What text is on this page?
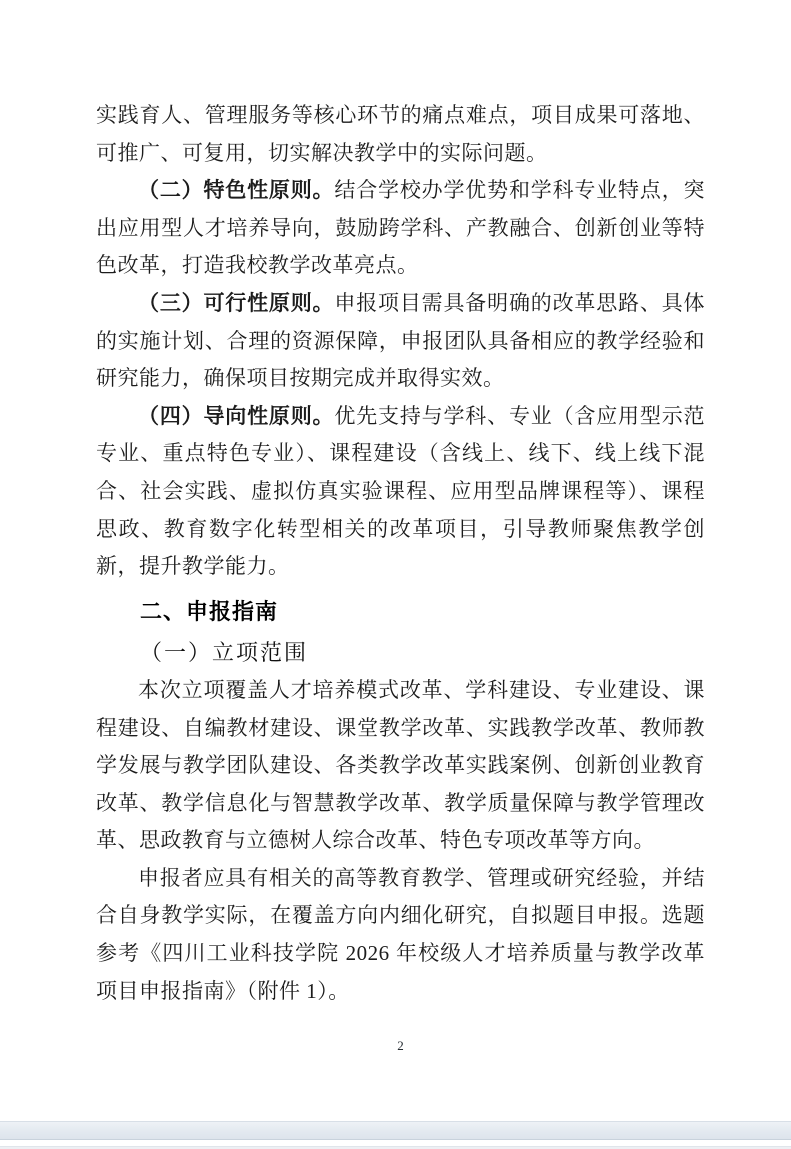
实践育人、管理服务等核心环节的痛点难点，项目成果可落地、可推广、可复用，切实解决教学中的实际问题。

（二）特色性原则。结合学校办学优势和学科专业特点，突出应用型人才培养导向，鼓励跨学科、产教融合、创新创业等特色改革，打造我校教学改革亮点。

（三）可行性原则。申报项目需具备明确的改革思路、具体的实施计划、合理的资源保障，申报团队具备相应的教学经验和研究能力，确保项目按期完成并取得实效。

（四）导向性原则。优先支持与学科、专业（含应用型示范专业、重点特色专业）、课程建设（含线上、线下、线上线下混合、社会实践、虚拟仿真实验课程、应用型品牌课程等）、课程思政、教育数字化转型相关的改革项目，引导教师聚焦教学创新，提升教学能力。

二、申报指南
（一）立项范围

本次立项覆盖人才培养模式改革、学科建设、专业建设、课程建设、自编教材建设、课堂教学改革、实践教学改革、教师教学发展与教学团队建设、各类教学改革实践案例、创新创业教育改革、教学信息化与智慧教学改革、教学质量保障与教学管理改革、思政教育与立德树人综合改革、特色专项改革等方向。

申报者应具有相关的高等教育教学、管理或研究经验，并结合自身教学实际，在覆盖方向内细化研究，自拟题目申报。选题参考《四川工业科技学院 2026 年校级人才培养质量与教学改革项目申报指南》（附件 1）。

2
